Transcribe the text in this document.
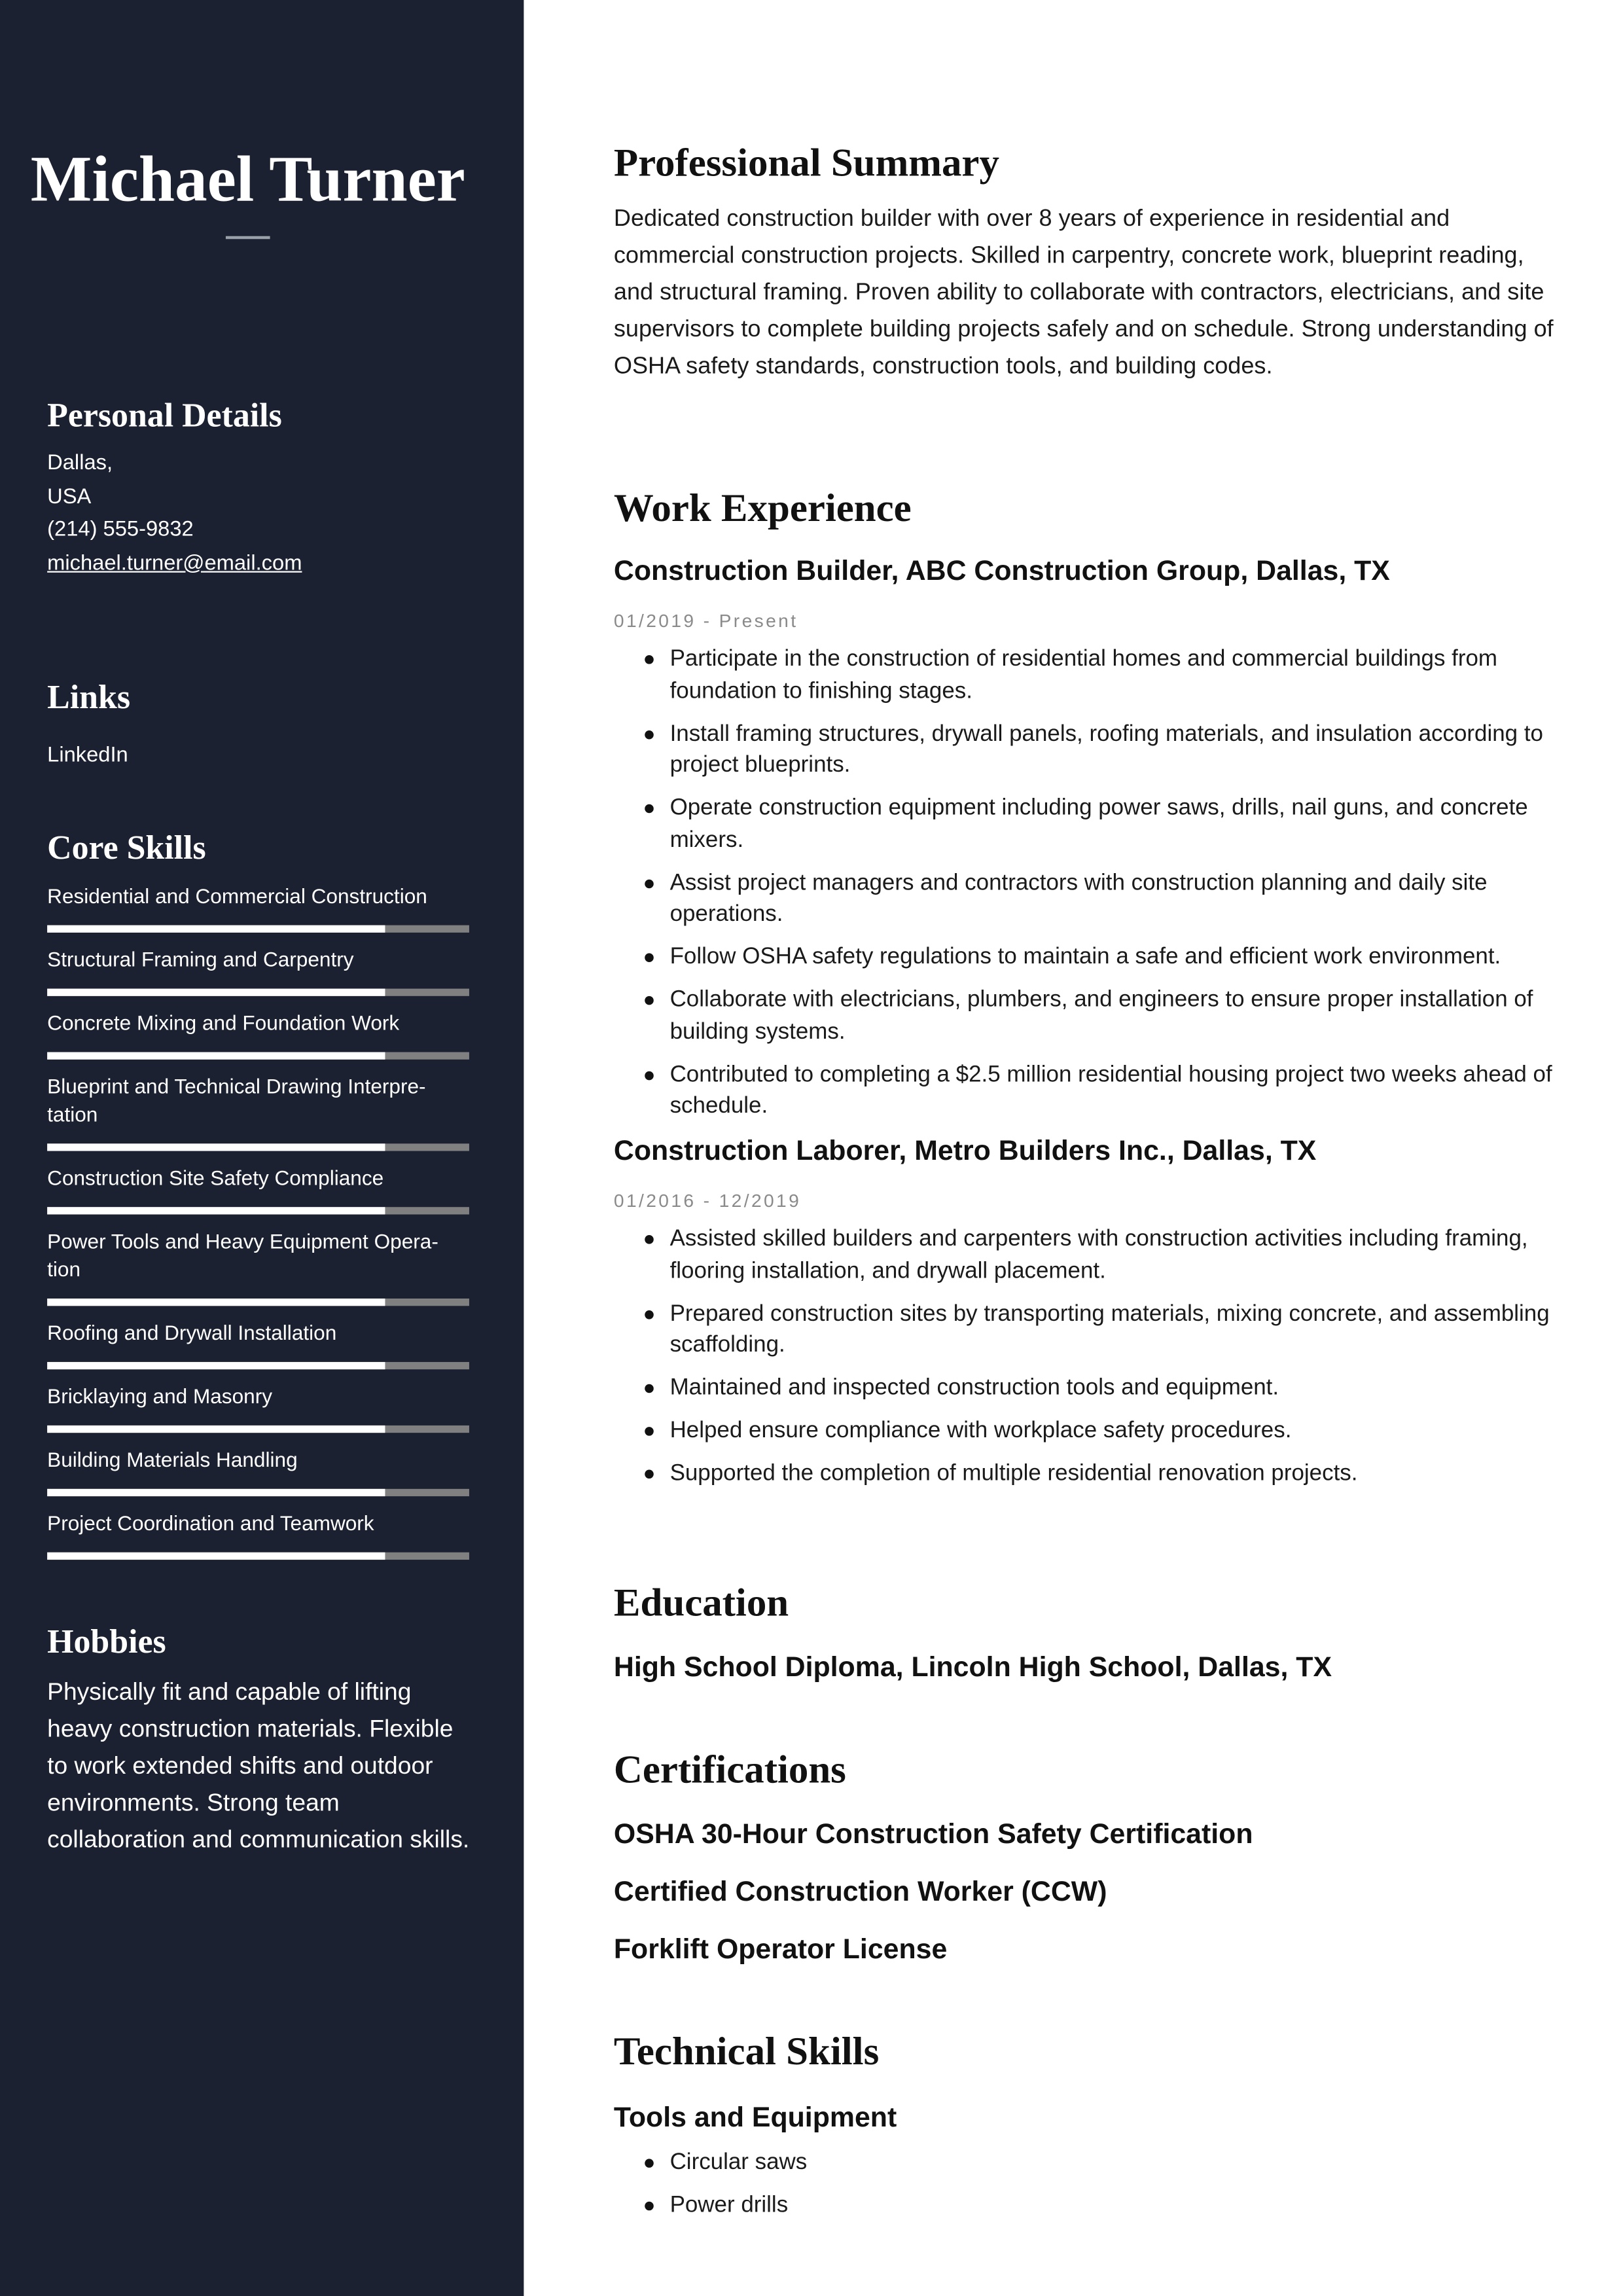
Michael Turner
Personal Details
Dallas,
USA
(214) 555-9832
michael.turner@email.com
Links
LinkedIn
Core Skills
Residential and Commercial Construction
Structural Framing and Carpentry
Concrete Mixing and Foundation Work
Blueprint and Technical Drawing Interpre-tation
Construction Site Safety Compliance
Power Tools and Heavy Equipment Opera-tion
Roofing and Drywall Installation
Bricklaying and Masonry
Building Materials Handling
Project Coordination and Teamwork
Hobbies
Physically fit and capable of lifting heavy construction materials. Flexible to work extended shifts and outdoor environments. Strong team collaboration and communication skills.
Professional Summary
Dedicated construction builder with over 8 years of experience in residential and commercial construction projects. Skilled in carpentry, concrete work, blueprint reading, and structural framing. Proven ability to collaborate with contractors, electricians, and site supervisors to complete building projects safely and on schedule. Strong understanding of OSHA safety standards, construction tools, and building codes.
Work Experience
Construction Builder, ABC Construction Group, Dallas, TX
01/2019 - Present
Participate in the construction of residential homes and commercial buildings from foundation to finishing stages.
Install framing structures, drywall panels, roofing materials, and insulation according to project blueprints.
Operate construction equipment including power saws, drills, nail guns, and concrete mixers.
Assist project managers and contractors with construction planning and daily site operations.
Follow OSHA safety regulations to maintain a safe and efficient work environment.
Collaborate with electricians, plumbers, and engineers to ensure proper installation of building systems.
Contributed to completing a $2.5 million residential housing project two weeks ahead of schedule.
Construction Laborer, Metro Builders Inc., Dallas, TX
01/2016 - 12/2019
Assisted skilled builders and carpenters with construction activities including framing, flooring installation, and drywall placement.
Prepared construction sites by transporting materials, mixing concrete, and assembling scaffolding.
Maintained and inspected construction tools and equipment.
Helped ensure compliance with workplace safety procedures.
Supported the completion of multiple residential renovation projects.
Education
High School Diploma, Lincoln High School, Dallas, TX
Certifications
OSHA 30-Hour Construction Safety Certification
Certified Construction Worker (CCW)
Forklift Operator License
Technical Skills
Tools and Equipment
Circular saws
Power drills
